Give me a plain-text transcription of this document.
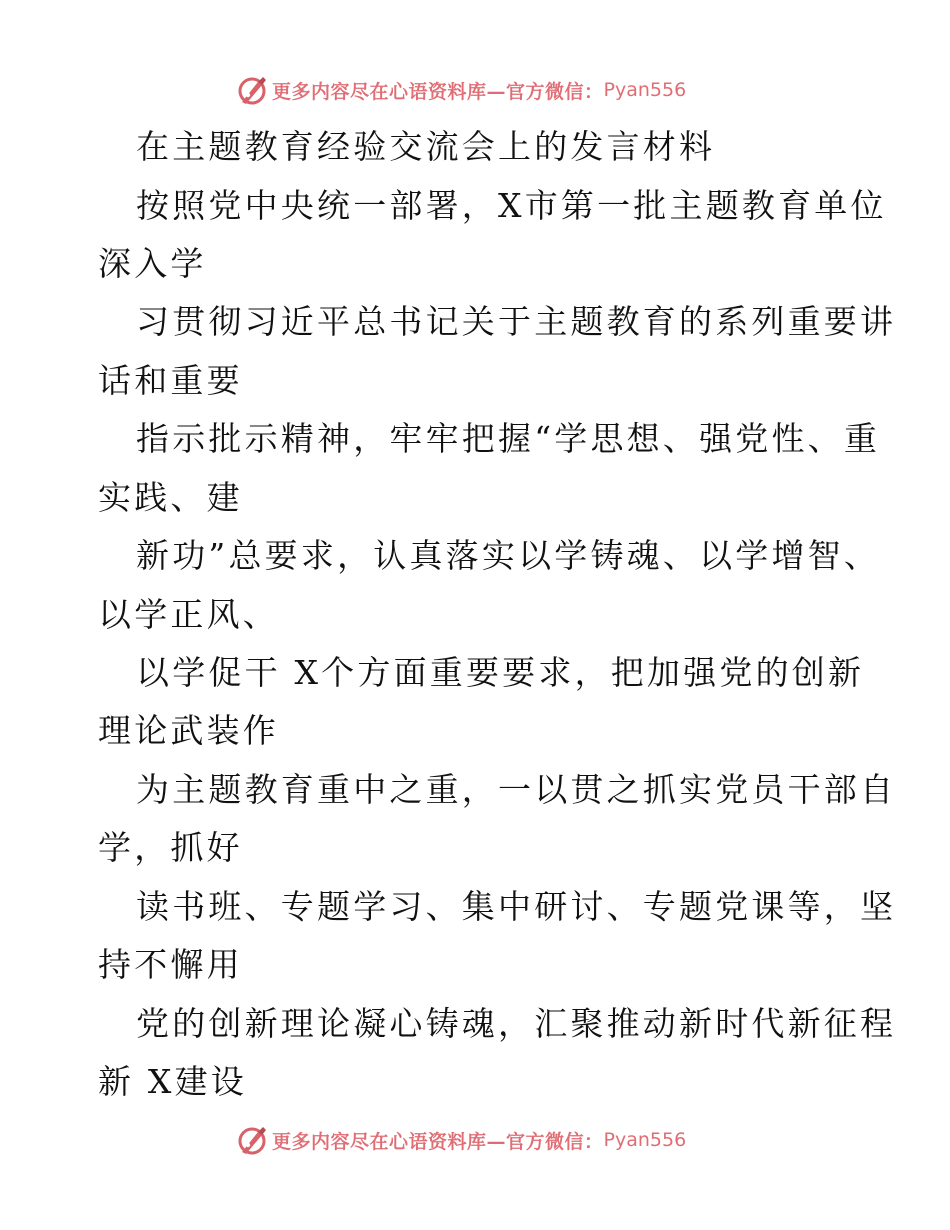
更多内容尽在心语资料库—官方微信： Pyan556
在主题教育经验交流会上的发言材料
按照党中央统一部署，X市第一批主题教育单位
深入学
习贯彻习近平总书记关于主题教育的系列重要讲
话和重要
指示批示精神，牢牢把握“学思想、强党性、重
实践、建
新功”总要求，认真落实以学铸魂、以学增智、
以学正风、
以学促干 X个方面重要要求，把加强党的创新
理论武装作
为主题教育重中之重，一以贯之抓实党员干部自
学，抓好
读书班、专题学习、集中研讨、专题党课等，坚
持不懈用
党的创新理论凝心铸魂，汇聚推动新时代新征程
新 X建设
更多内容尽在心语资料库—官方微信： Pyan556
